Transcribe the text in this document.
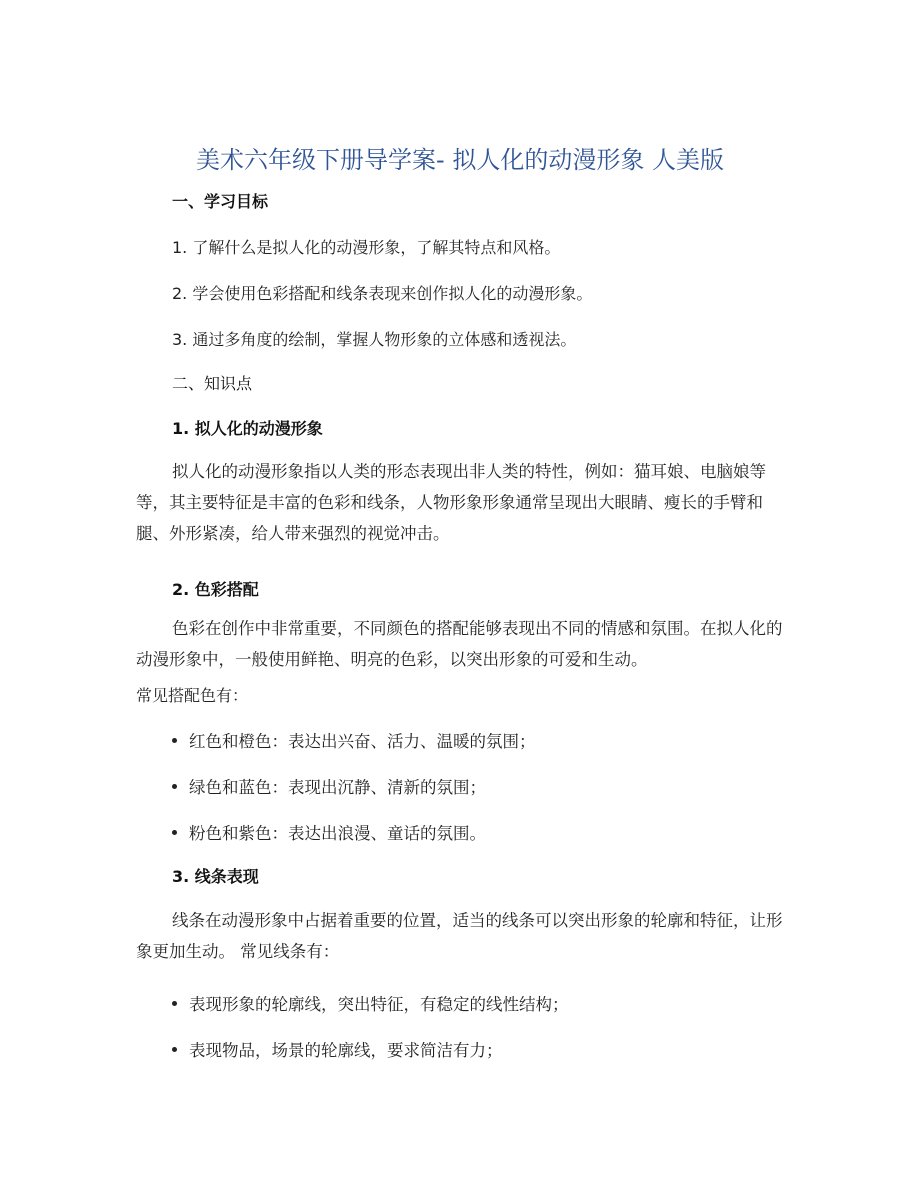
美术六年级下册导学案- 拟人化的动漫形象 人美版
一、学习目标
1. 了解什么是拟人化的动漫形象，了解其特点和风格。
2. 学会使用色彩搭配和线条表现来创作拟人化的动漫形象。
3. 通过多角度的绘制，掌握人物形象的立体感和透视法。
二、知识点
1. 拟人化的动漫形象
拟人化的动漫形象指以人类的形态表现出非人类的特性，例如：猫耳娘、电脑娘等等，其主要特征是丰富的色彩和线条，人物形象形象通常呈现出大眼睛、瘦长的手臂和腿、外形紧凑，给人带来强烈的视觉冲击。
2. 色彩搭配
色彩在创作中非常重要，不同颜色的搭配能够表现出不同的情感和氛围。在拟人化的动漫形象中，一般使用鲜艳、明亮的色彩，以突出形象的可爱和生动。
常见搭配色有：
红色和橙色：表达出兴奋、活力、温暖的氛围；
绿色和蓝色：表现出沉静、清新的氛围；
粉色和紫色：表达出浪漫、童话的氛围。
3. 线条表现
线条在动漫形象中占据着重要的位置，适当的线条可以突出形象的轮廓和特征，让形象更加生动。 常见线条有：
表现形象的轮廓线，突出特征，有稳定的线性结构；
表现物品，场景的轮廓线，要求简洁有力；
